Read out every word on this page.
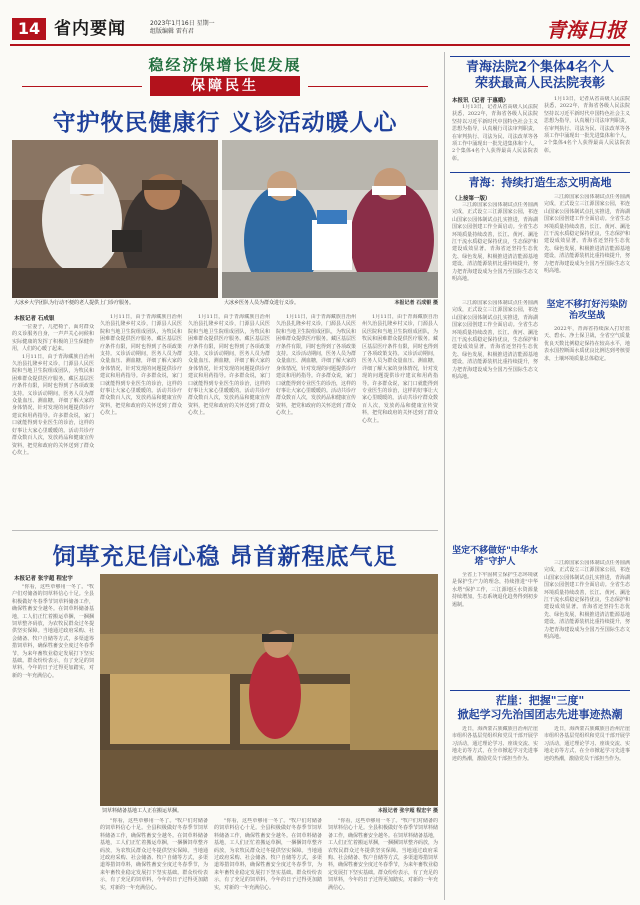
14 省内要闻	2023年1月16日 星期一
组版编辑 雷有君	青海日报
稳经济保增长促发展
保障民生
守护牧民健康行 义诊活动暖人心
大冰乡大学团队为行动不便的老人提供上门诊疗服务。	大冰乡医务人员为群众进行义诊。	本报记者 石成银 摄
本报记者 石成银

一位妻子，几把椅子，面对群众的义诊服务自身，一声声关心问候和实际健康的发挥了积极的卫生保健作用，人们的心暖了起来。

1月11日，由于青海藏族自治州久治县扎隆乡村义诊，门源县人民医院和当地卫生院组成团队，为牧民和困难群众提供医疗服务。藏区基层医疗条件有限，同时也得到了各项政策支持。义诊活动期间，医务人员为群众量血压、测血糖，详细了解大家的身体情况，针对发现的问题提供诊疗建议和用药指导。许多群众说，家门口就能得到专业医生的诊治，这样的好事让大家心里暖暖的。活动共诊疗群众数百人次，发放药品和健康宣传资料，把党和政府的关怀送到了群众心坎上。

1月11日，由于青海藏族自治州久治县扎隆乡村义诊，门源县人民医院和当地卫生院组成团队，为牧民和困难群众提供医疗服务。藏区基层医疗条件有限，同时也得到了各项政策支持。义诊活动期间，医务人员为群众量血压、测血糖，详细了解大家的身体情况，针对发现的问题提供诊疗建议和用药指导。许多群众说，家门口就能得到专业医生的诊治，这样的好事让大家心里暖暖的。活动共诊疗群众数百人次，发放药品和健康宣传资料，把党和政府的关怀送到了群众心坎上。

1月11日，由于青海藏族自治州久治县扎隆乡村义诊，门源县人民医院和当地卫生院组成团队，为牧民和困难群众提供医疗服务。藏区基层医疗条件有限，同时也得到了各项政策支持。义诊活动期间，医务人员为群众量血压、测血糖，详细了解大家的身体情况，针对发现的问题提供诊疗建议和用药指导。许多群众说，家门口就能得到专业医生的诊治，这样的好事让大家心里暖暖的。活动共诊疗群众数百人次，发放药品和健康宣传资料，把党和政府的关怀送到了群众心坎上。

1月11日，由于青海藏族自治州久治县扎隆乡村义诊，门源县人民医院和当地卫生院组成团队，为牧民和困难群众提供医疗服务。藏区基层医疗条件有限，同时也得到了各项政策支持。义诊活动期间，医务人员为群众量血压、测血糖，详细了解大家的身体情况，针对发现的问题提供诊疗建议和用药指导。许多群众说，家门口就能得到专业医生的诊治，这样的好事让大家心里暖暖的。活动共诊疗群众数百人次，发放药品和健康宣传资料，把党和政府的关怀送到了群众心坎上。

1月11日，由于青海藏族自治州久治县扎隆乡村义诊，门源县人民医院和当地卫生院组成团队，为牧民和困难群众提供医疗服务。藏区基层医疗条件有限，同时也得到了各项政策支持。义诊活动期间，医务人员为群众量血压、测血糖，详细了解大家的身体情况，针对发现的问题提供诊疗建议和用药指导。许多群众说，家门口就能得到专业医生的诊治，这样的好事让大家心里暖暖的。活动共诊疗群众数百人次，发放药品和健康宣传资料，把党和政府的关怀送到了群众心坎上。

饲草充足信心稳 昂首新程底气足
本报记者 张宇超 程宏宇

"你看，这些草够用一冬了。"牧户们对储备的饲草料信心十足。全县积极做好冬春季节饲草料储备工作，确保牲畜安全越冬。在饲草料储备基地，工人们正忙着搬运草捆，一捆捆饲草整齐码放，为农牧民群众过冬提供坚实保障。当地通过政府采购、社会储备、牧户自储等方式，多渠道筹措饲草料，确保牲畜安全度过冬春季节，为来年畜牧业稳定发展打下坚实基础。群众纷纷表示，有了充足的饲草料，今年的日子过得更加踏实，对新的一年充满信心。

饲草料储备基地工人正在搬运草捆。	本报记者 张宇超 程宏宇 摄

"你看，这些草够用一冬了。"牧户们对储备的饲草料信心十足。全县积极做好冬春季节饲草料储备工作，确保牲畜安全越冬。在饲草料储备基地，工人们正忙着搬运草捆，一捆捆饲草整齐码放，为农牧民群众过冬提供坚实保障。当地通过政府采购、社会储备、牧户自储等方式，多渠道筹措饲草料，确保牲畜安全度过冬春季节，为来年畜牧业稳定发展打下坚实基础。群众纷纷表示，有了充足的饲草料，今年的日子过得更加踏实，对新的一年充满信心。

"你看，这些草够用一冬了。"牧户们对储备的饲草料信心十足。全县积极做好冬春季节饲草料储备工作，确保牲畜安全越冬。在饲草料储备基地，工人们正忙着搬运草捆，一捆捆饲草整齐码放，为农牧民群众过冬提供坚实保障。当地通过政府采购、社会储备、牧户自储等方式，多渠道筹措饲草料，确保牲畜安全度过冬春季节，为来年畜牧业稳定发展打下坚实基础。群众纷纷表示，有了充足的饲草料，今年的日子过得更加踏实，对新的一年充满信心。

"你看，这些草够用一冬了。"牧户们对储备的饲草料信心十足。全县积极做好冬春季节饲草料储备工作，确保牲畜安全越冬。在饲草料储备基地，工人们正忙着搬运草捆，一捆捆饲草整齐码放，为农牧民群众过冬提供坚实保障。当地通过政府采购、社会储备、牧户自储等方式，多渠道筹措饲草料，确保牲畜安全度过冬春季节，为来年畜牧业稳定发展打下坚实基础。群众纷纷表示，有了充足的饲草料，今年的日子过得更加踏实，对新的一年充满信心。

青海法院2个集体4名个人
荣获最高人民法院表彰
本报讯（记者 于惠娥）

1月13日，记者从省高级人民法院获悉，2022年，青海省各级人民法院坚持以习近平新时代中国特色社会主义思想为指导，认真履行司法审判职责，在审判执行、司法为民、司法改革等各项工作中涌现出一批先进集体和个人，2个集体4名个人获得最高人民法院表彰。

1月13日，记者从省高级人民法院获悉，2022年，青海省各级人民法院坚持以习近平新时代中国特色社会主义思想为指导，认真履行司法审判职责，在审判执行、司法为民、司法改革等各项工作中涌现出一批先进集体和个人，2个集体4名个人获得最高人民法院表彰。

青海：持续打造生态文明高地
（上接第一版）

三江源国家公园体制试点任务圆满完成，正式设立三江源国家公园，祁连山国家公园体制试点扎实推进，青海湖国家公园创建工作全面启动。全省生态环境质量持续改善，长江、黄河、澜沧江干流水质稳定保持优良，生态保护和建设成效显著。青海省还坚持生态优先、绿色发展，积极推进清洁能源基地建设，清洁能源装机比重持续提升，努力把青海建设成为全国乃至国际生态文明高地。

三江源国家公园体制试点任务圆满完成，正式设立三江源国家公园，祁连山国家公园体制试点扎实推进，青海湖国家公园创建工作全面启动。全省生态环境质量持续改善，长江、黄河、澜沧江干流水质稳定保持优良，生态保护和建设成效显著。青海省还坚持生态优先、绿色发展，积极推进清洁能源基地建设，清洁能源装机比重持续提升，努力把青海建设成为全国乃至国际生态文明高地。

坚定不移打好污染防治攻坚战

三江源国家公园体制试点任务圆满完成，正式设立三江源国家公园，祁连山国家公园体制试点扎实推进，青海湖国家公园创建工作全面启动。全省生态环境质量持续改善，长江、黄河、澜沧江干流水质稳定保持优良，生态保护和建设成效显著。青海省还坚持生态优先、绿色发展，积极推进清洁能源基地建设，清洁能源装机比重持续提升，努力把青海建设成为全国乃至国际生态文明高地。

2022年，青海省持续深入打好蓝天、碧水、净土保卫战，全省空气质量优良天数比例稳定保持在较高水平，地表水国控断面水质优良比例达到考核要求，土壤环境质量总体稳定。

坚定不移做好"中华水塔"守护人

全省上下牢固树立保护生态环境就是保护生产力的理念，持续推进"中华水塔"保护工作，三江源地区水资源量持续增加，生态系统退化趋势得到初步遏制。

三江源国家公园体制试点任务圆满完成，正式设立三江源国家公园，祁连山国家公园体制试点扎实推进，青海湖国家公园创建工作全面启动。全省生态环境质量持续改善，长江、黄河、澜沧江干流水质稳定保持优良，生态保护和建设成效显著。青海省还坚持生态优先、绿色发展，积极推进清洁能源基地建设，清洁能源装机比重持续提升，努力把青海建设成为全国乃至国际生态文明高地。

茫崖：把握"三度"
掀起学习先治国团志先进事迹热潮

近日，海西蒙古族藏族自治州茫崖市组织各基层党组织和党员干部开展学习活动，通过理论学习、座谈交流、实地走访等方式，在全市掀起学习先进事迹的热潮，激励党员干部担当作为。

近日，海西蒙古族藏族自治州茫崖市组织各基层党组织和党员干部开展学习活动，通过理论学习、座谈交流、实地走访等方式，在全市掀起学习先进事迹的热潮，激励党员干部担当作为。
